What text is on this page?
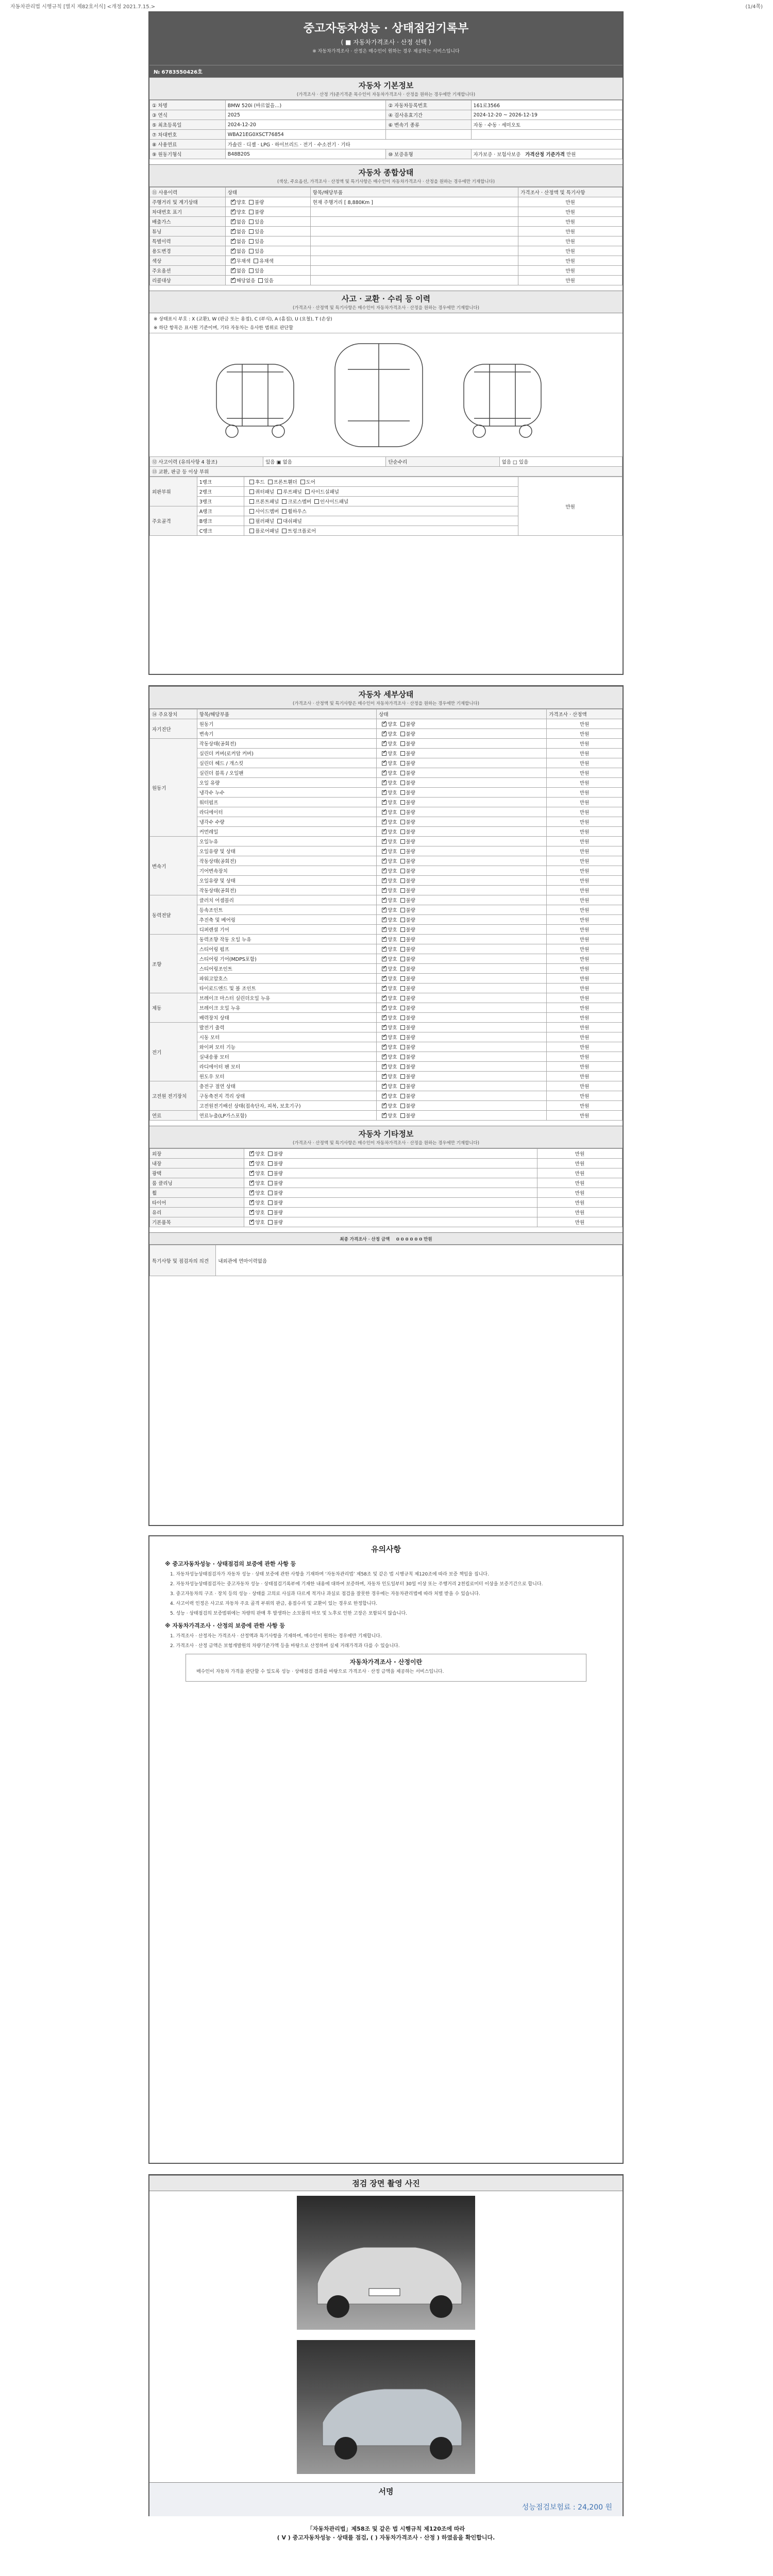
자동차관리법 시행규칙 [별지 제82호서식] <개정 2021.7.15.>	(1/4쪽)
중고자동차성능 · 상태점검기록부
( ■ 자동차가격조사 · 산정 선택 )
※ 자동차가격조사 · 산정은 매수인이 원하는 경우 제공하는 서비스입니다
№ 6783550426호
자동차 기본정보
(가격조사 · 산정 가)준기격준 목수인이 자동차가격조사 · 산정을 원하는 경우에만 기재합니다)
① 차명	BMW 520i (바르없을…)	② 자동차등록번호	161로3566
③ 연식	2025	④ 검사유효기간	2024-12-20 ~ 2026-12-19
⑤ 최초등록일	2024-12-20	⑥ 변속기 종류	자동 · 수동 · 세미오토
⑦ 차대번호	WBA21EG0XSCT76854		
⑧ 사용연료	가솔린 · 디젤 · LPG · 하이브리드 · 전기 · 수소전기 · 기타		
⑨ 원동기형식	B48B20S	⑩ 보증유형	자가보증 · 보험사보증 가격산정 기준가격 만원
자동차 종합상태
(색상, 주요옵션, 가격조사 · 산정액 및 특기사항은 매수인이 자동차가격조사 · 산정을 원하는 경우에만 기재합니다)
⑪ 사용이력	상태	항목/해당부품	가격조사 · 산정액 및 특기사항
주행거리 및 계기상태	✓양호 불량	현재 주행거리 [ 8,880Km ]	만원
차대번호 표기	✓양호 불량		만원
배출가스	✓없음 있음		만원
튜닝	✓없음 있음		만원
특별이력	✓없음 있음		만원
용도변경	✓없음 있음		만원
색상	✓무채색 유채색		만원
주요옵션	✓없음 있음		만원
리콜대상	✓해당없음 있음		만원
사고 · 교환 · 수리 등 이력
(가격조사 · 산정액 및 특기사항은 매수인이 자동차가격조사 · 산정을 원하는 경우에만 기재합니다)
※ 상태표시 부호 : X (교환), W (판금 또는 용접), C (부식), A (흠집), U (요철), T (손상)
※ 하단 항목은 표시원 기준이며, 기타 자동차는 유사한 범위로 판단할
⑫ 사고이력 (유의사항 4 참조)	있음 ▣ 없음	단순수리	없음 □ 있음
⑬ 교환, 판금 등 이상 부위
외판부위	1랭크	후드 프론트휀더 도어	만원
	2랭크	쿼터패널 루프패널 사이드실패널	
	3랭크	프론트패널 크로스멤버 인사이드패널	
주요골격	A랭크	사이드멤버 휠하우스	
	B랭크	필러패널 대쉬패널	
	C랭크	플로어패널 트렁크플로어	
자동차 세부상태
(가격조사 · 산정액 및 특기사항은 매수인이 자동차가격조사 · 산정을 원하는 경우에만 기재합니다)
⑭ 주요장치	항목/해당부품	상태	가격조사 · 산정액
자기진단	원동기	✓양호 불량	만원
	변속기	✓양호 불량	만원
원동기	작동상태(공회전)	✓양호 불량	만원
	실린더 커버(로커암 커버)	✓양호 불량	만원
	실린더 헤드 / 개스킷	✓양호 불량	만원
	실린더 블록 / 오일팬	✓양호 불량	만원
	오일 유량	✓양호 불량	만원
	냉각수 누수	✓양호 불량	만원
	워터펌프	✓양호 불량	만원
	라디에이터	✓양호 불량	만원
	냉각수 수량	✓양호 불량	만원
	커먼레일	✓양호 불량	만원
변속기	오일누유	✓양호 불량	만원
	오일유량 및 상태	✓양호 불량	만원
	작동상태(공회전)	✓양호 불량	만원
	기어변속장치	✓양호 불량	만원
	오일유량 및 상태	✓양호 불량	만원
	작동상태(공회전)	✓양호 불량	만원
동력전달	클러치 어셈블리	✓양호 불량	만원
	등속조인트	✓양호 불량	만원
	추진축 및 베어링	✓양호 불량	만원
	디퍼렌셜 기어	✓양호 불량	만원
조향	동력조향 작동 오일 누유	✓양호 불량	만원
	스티어링 펌프	✓양호 불량	만원
	스티어링 기어(MDPS포함)	✓양호 불량	만원
	스티어링조인트	✓양호 불량	만원
	파워고압호스	✓양호 불량	만원
	타이로드엔드 및 볼 조인트	✓양호 불량	만원
제동	브레이크 마스터 실린더오일 누유	✓양호 불량	만원
	브레이크 오일 누유	✓양호 불량	만원
	배력장치 상태	✓양호 불량	만원
전기	발전기 출력	✓양호 불량	만원
	시동 모터	✓양호 불량	만원
	와이퍼 모터 기능	✓양호 불량	만원
	실내송풍 모터	✓양호 불량	만원
	라디에이터 팬 모터	✓양호 불량	만원
	윈도우 모터	✓양호 불량	만원
고전원 전기장치	충전구 절연 상태	✓양호 불량	만원
	구동축전지 격리 상태	✓양호 불량	만원
	고전원전기배선 상태(접속단자, 피복, 보호기구)	✓양호 불량	만원
연료	연료누출(LP가스포함)	✓양호 불량	만원
자동차 기타정보
(가격조사 · 산정액 및 특기사항은 매수인이 자동차가격조사 · 산정을 원하는 경우에만 기재합니다)
외장	✓양호 불량	만원
내장	✓양호 불량	만원
광택	✓양호 불량	만원
룸 클리닝	✓양호 불량	만원
휠	✓양호 불량	만원
타이어	✓양호 불량	만원
유리	✓양호 불량	만원
기본품목	✓양호 불량	만원
최종 가격조사 · 산정 금액 0 0 0 0 0 0 만원
특기사항 및 점검자의 의견	내외관에 연마이력없음
유의사항
※ 중고자동차성능 · 상태점검의 보증에 관한 사항 등

1. 자동차성능상태점검자가 자동차 성능 · 상태 보증에 관한 사항을 기재하며 ‘자동차관리법’ 제58조 및 같은 법 시행규칙 제120조에 따라 보증 책임을 집니다.

2. 자동차성능상태점검자는 중고자동차 성능 · 상태점검기록부에 기재한 내용에 대하여 보증하며, 자동차 인도일부터 30일 이상 또는 주행거리 2천킬로미터 이상을 보증기간으로 합니다.

3. 중고자동차의 구조 · 장치 등의 성능 · 상태를 고의로 사실과 다르게 적거나 과실로 점검을 잘못한 경우에는 자동차관리법에 따라 처벌 받을 수 있습니다.

4. 사고이력 인정은 사고로 자동차 주요 골격 부위의 판금, 용접수리 및 교환이 있는 경우로 한정합니다.

5. 성능 · 상태점검의 보증범위에는 차량의 판매 후 발생하는 소모품의 마모 및 노후로 인한 고장은 포함되지 않습니다.

※ 자동차가격조사 · 산정의 보증에 관한 사항 등

1. 가격조사 · 산정자는 가격조사 · 산정액과 특기사항을 기재하며, 매수인이 원하는 경우에만 기재합니다.

2. 가격조사 · 산정 금액은 보험개발원의 차량기준가액 등을 바탕으로 산정하며 실제 거래가격과 다를 수 있습니다.

자동차가격조사 · 산정이란

매수인이 자동차 가격을 판단할 수 있도록 성능 · 상태점검 결과를 바탕으로 가격조사 · 산정 금액을 제공하는 서비스입니다.

점검 장면 촬영 사진
서명
성능점검보험료 : 24,200 원
「자동차관리법」제58조 및 같은 법 시행규칙 제120조에 따라
( V ) 중고자동차성능 · 상태를 점검, ( ) 자동차가격조사 · 산정 ) 하였음을 확인합니다.
